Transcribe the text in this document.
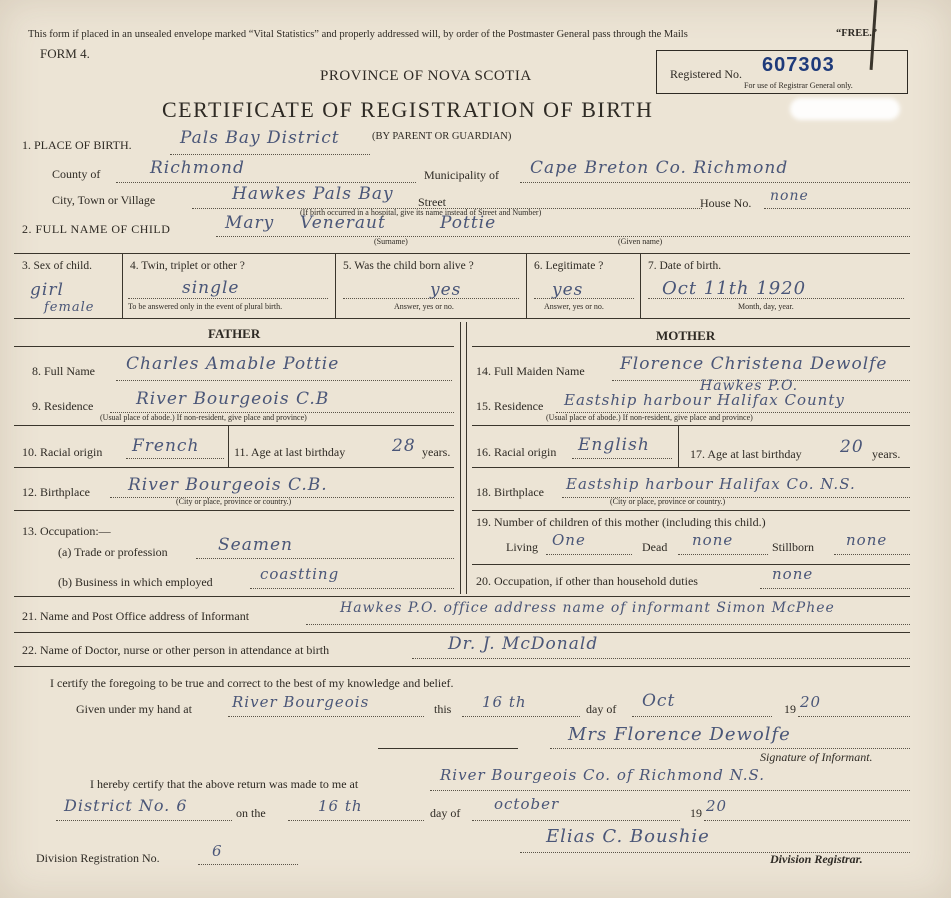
This form if placed in an unsealed envelope marked “Vital Statistics” and properly addressed will, by order of the Postmaster General pass through the Mails	“FREE.”
FORM 4.
PROVINCE OF NOVA SCOTIA	Registered No. 607303
For use of Registrar General only.
CERTIFICATE OF REGISTRATION OF BIRTH
1. PLACE OF BIRTH.	Pals Bay District	(BY PARENT OR GUARDIAN)
County of	Richmond	Municipality of Cape Breton Co. Richmond
City, Town or Village	Hawkes Pals Bay Street	House No. none
(If birth occurred in a hospital, give its name instead of Street and Number)
2. FULL NAME OF CHILD	Mary Veneraut	Pottie
(Surname)	(Given name)
3. Sex of child.
girl
female
4. Twin, triplet or other ?
single
To be answered only in the event of plural birth.
5. Was the child born alive ?
yes
Answer, yes or no.
6. Legitimate ?
yes
Answer, yes or no.
7. Date of birth.
Oct 11th 1920
Month, day, year.
FATHER	MOTHER
8. Full Name Charles Amable Pottie
9. Residence	River Bourgeois C.B
(Usual place of abode.) If non-resident, give place and province)
10. Racial origin French	11. Age at last birthday	28 years.
12. Birthplace River Bourgeois C.B.
(City or place, province or country.)
13. Occupation:—
(a) Trade or profession	Seamen
(b) Business in which employed	coastting
14. Full Maiden Name Florence Christena Dewolfe
Hawkes P.O.
15. Residence Eastship harbour Halifax County
(Usual place of abode.) If non-resident, give place and province)
16. Racial origin English	17. Age at last birthday 20 years.
18. Birthplace Eastship harbour Halifax Co. N.S.
(City or place, province or country.)
19. Number of children of this mother (including this child.)
Living One	Dead none	Stillborn none
20. Occupation, if other than household duties	none
21. Name and Post Office address of Informant	Hawkes P.O. office address name of informant Simon McPhee
22. Name of Doctor, nurse or other person in attendance at birth	Dr. J. McDonald
I certify the foregoing to be true and correct to the best of my knowledge and belief.
Given under my hand at	River Bourgeois	this 16 th	day of Oct	19 20
Mrs Florence Dewolfe
Signature of Informant.
I hereby certify that the above return was made to me at	River Bourgeois Co. of Richmond N.S.
District No. 6	on the	16 th	day of october	19 20
Elias C. Boushie
Division Registration No.	6	Division Registrar.
